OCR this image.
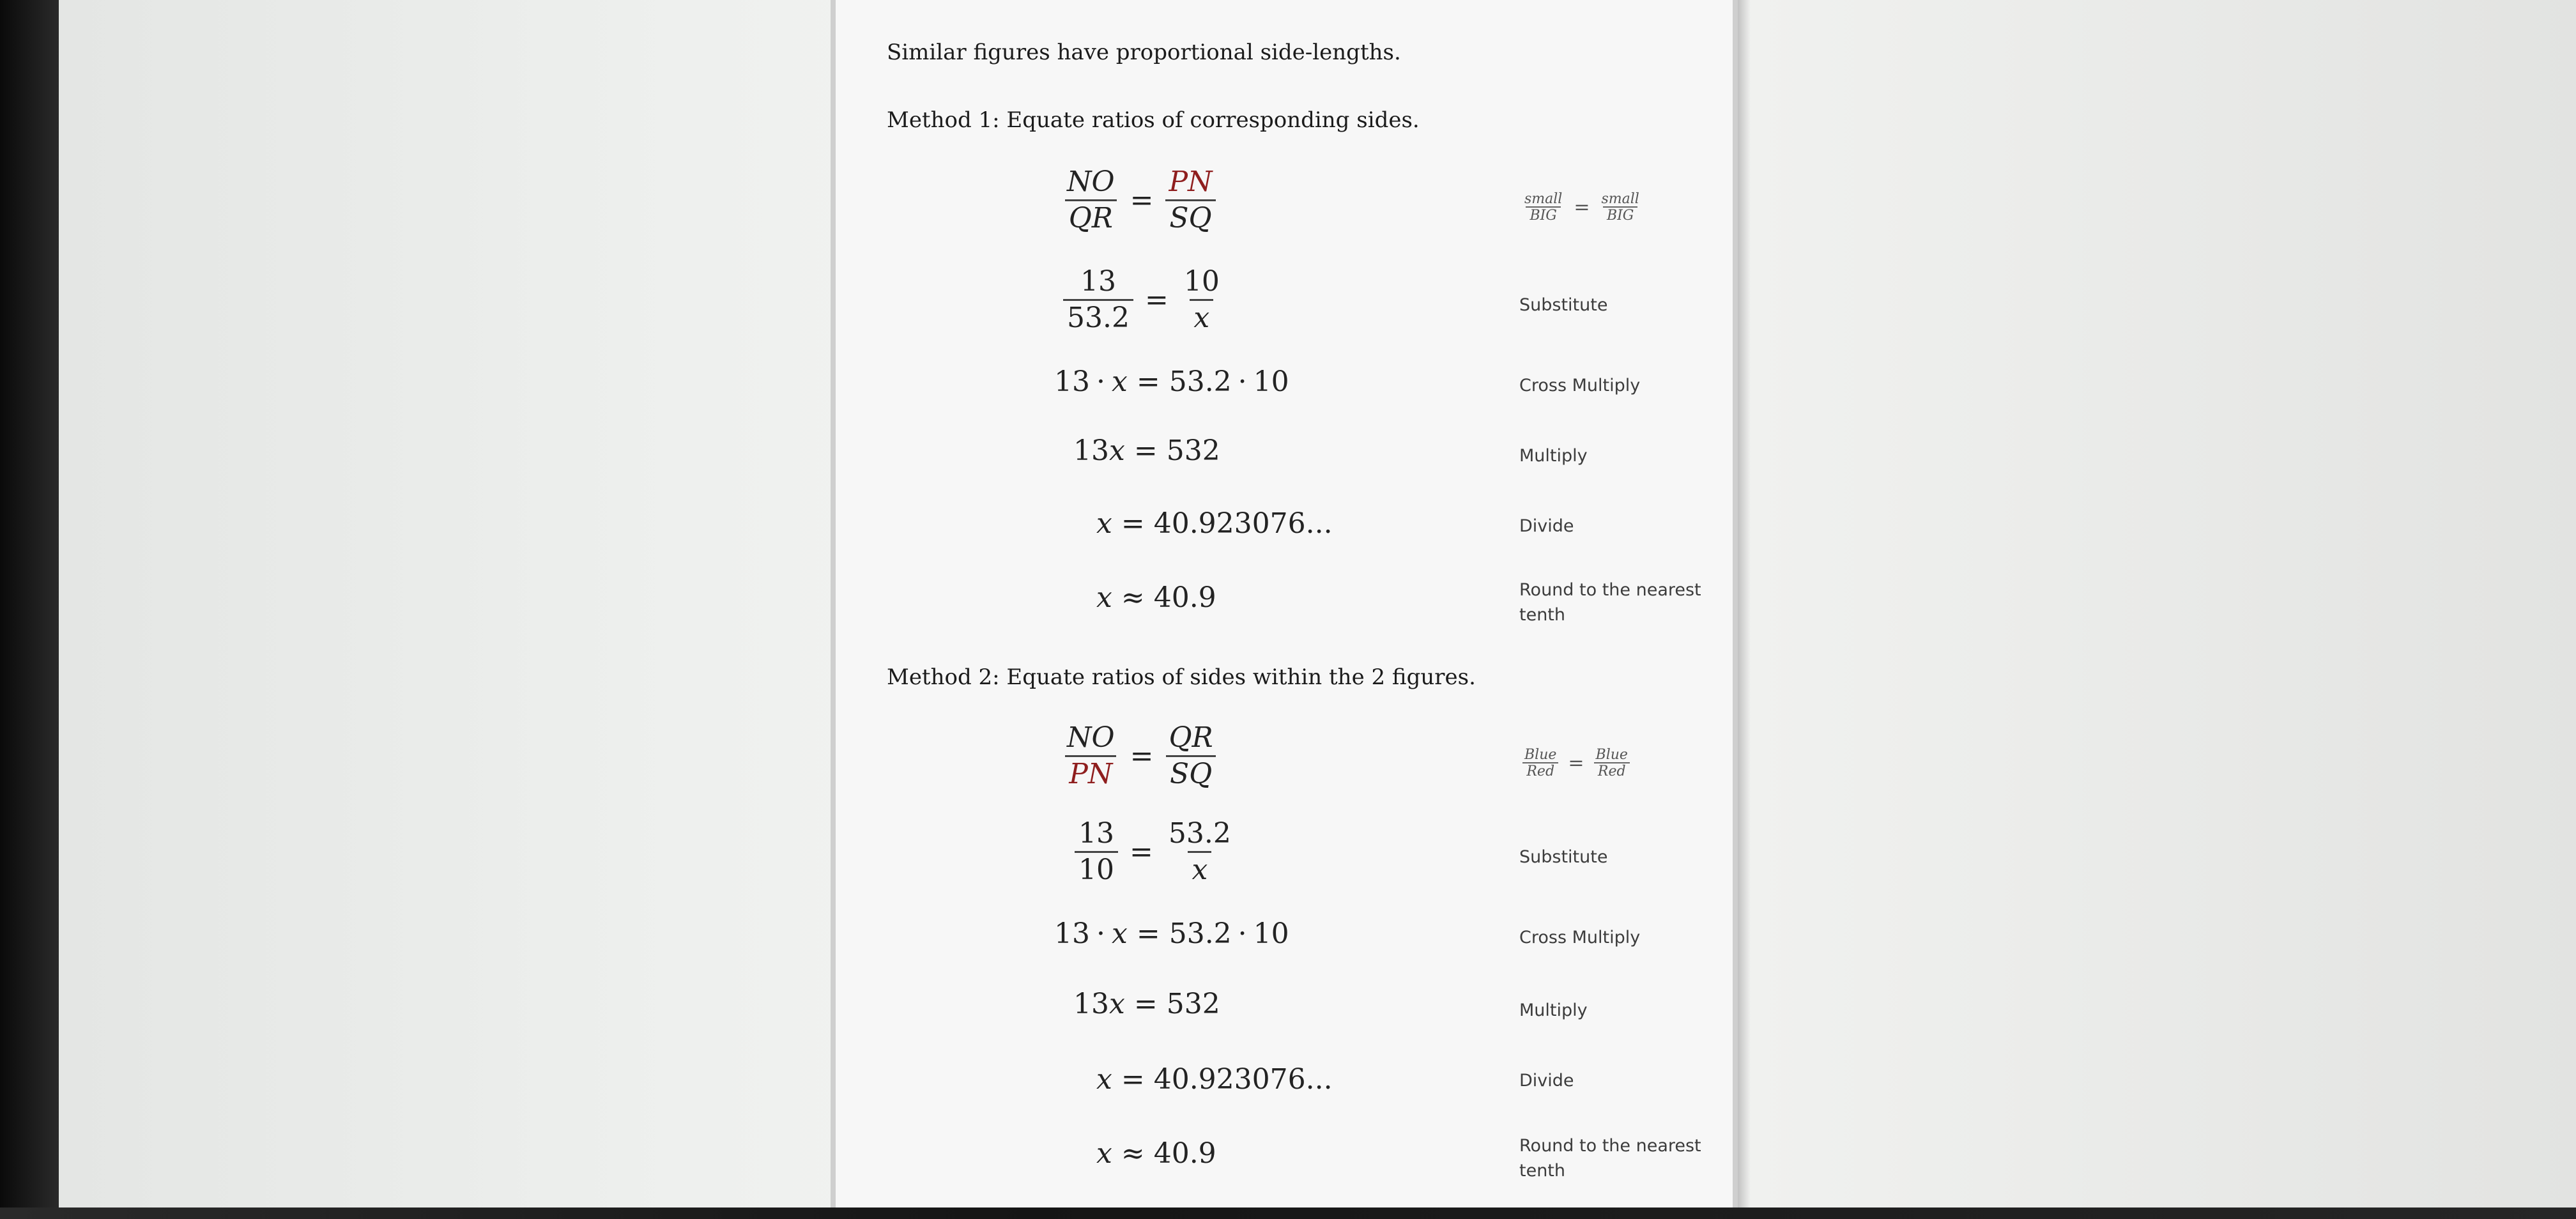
Similar figures have proportional side-lengths.

Method 1: Equate ratios of corresponding sides.

$\frac{NO}{QR} = \frac{PN}{SQ}$	$\frac{\text{small}}{\text{BIG}} = \frac{\text{small}}{\text{BIG}}$
$\frac{13}{53.2} = \frac{10}{x}$	Substitute
13 · x = 53.2 · 10	Cross Multiply
13 x = 532	Multiply
x = 40.923076...	Divide
x ≈ 40.9	Round to the nearest tenth

Method 2: Equate ratios of sides within the 2 figures.

$\frac{NO}{PN} = \frac{QR}{SQ}$	$\frac{\text{Blue}}{\text{Red}} = \frac{\text{Blue}}{\text{Red}}$
$\frac{13}{10} = \frac{53.2}{x}$	Substitute
13 · x = 53.2 · 10	Cross Multiply
13 x = 532	Multiply
x = 40.923076...	Divide
x ≈ 40.9	Round to the nearest tenth
